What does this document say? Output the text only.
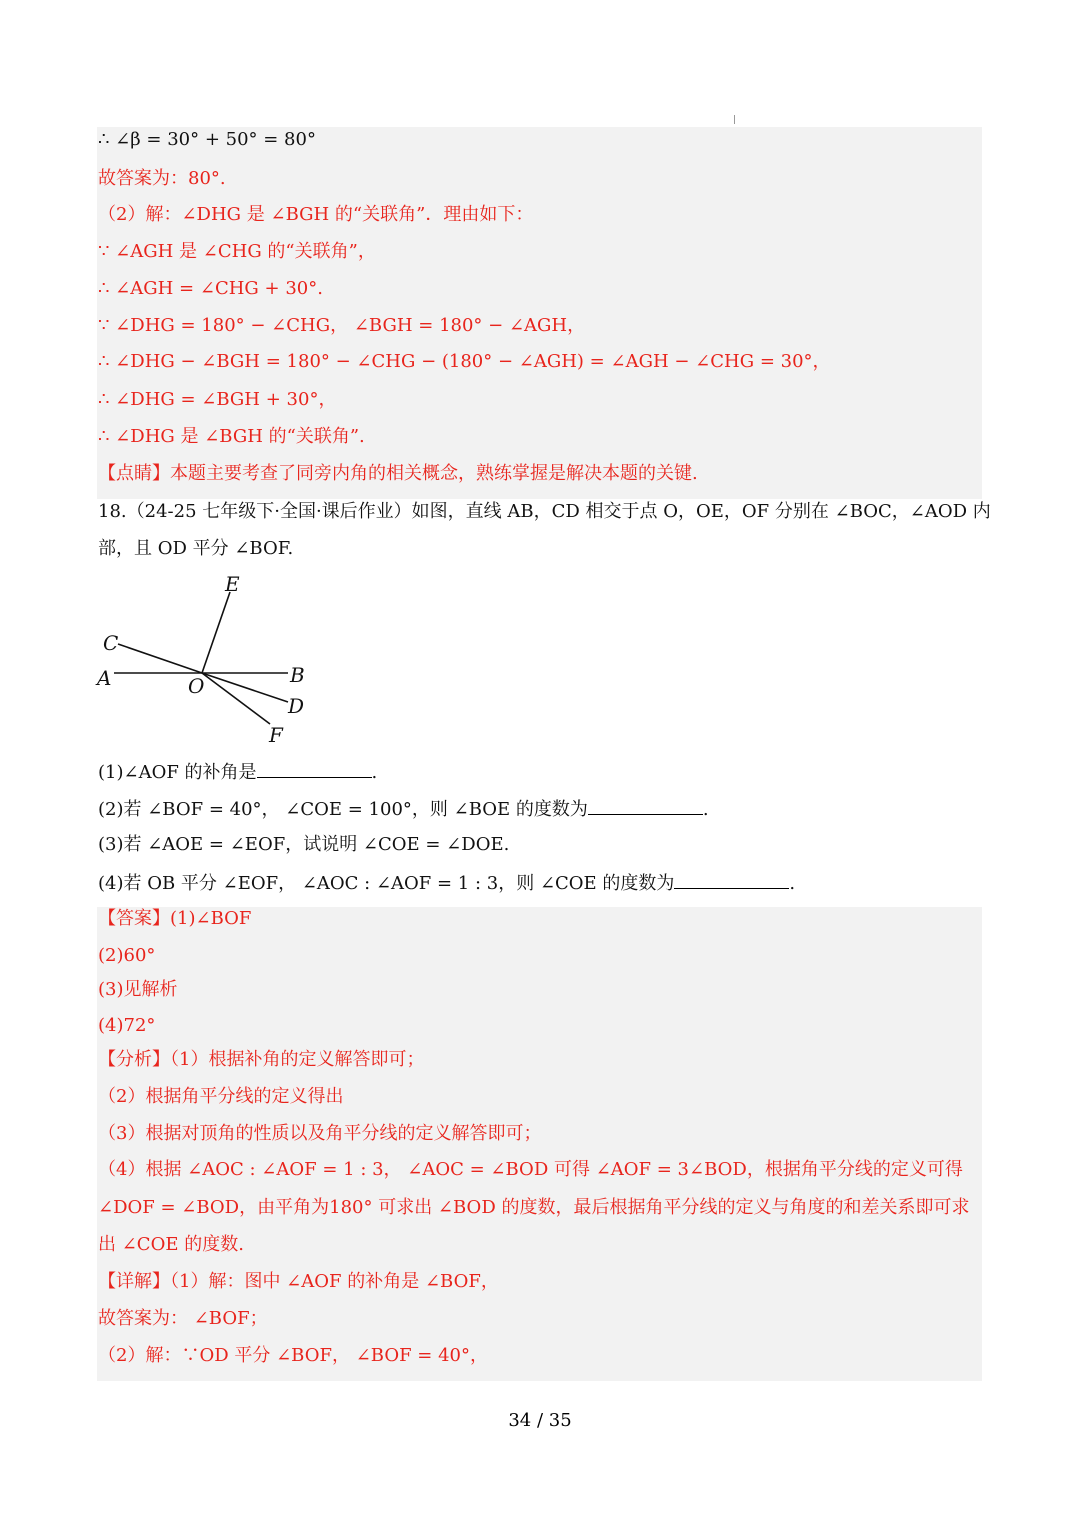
∴ ∠β = 30° + 50° = 80°
故答案为：80°.
（2）解：∠DHG 是 ∠BGH 的“关联角”．理由如下：
∵ ∠AGH 是 ∠CHG 的“关联角”，
∴ ∠AGH = ∠CHG + 30°.
∵ ∠DHG = 180° − ∠CHG， ∠BGH = 180° − ∠AGH，
∴ ∠DHG − ∠BGH = 180° − ∠CHG − (180° − ∠AGH) = ∠AGH − ∠CHG = 30°，
∴ ∠DHG = ∠BGH + 30°，
∴ ∠DHG 是 ∠BGH 的“关联角”.
【点睛】本题主要考查了同旁内角的相关概念，熟练掌握是解决本题的关键.
18.（24-25 七年级下·全国·课后作业）如图，直线 AB，CD 相交于点 O，OE，OF 分别在 ∠BOC，∠AOD 内
部，且 OD 平分 ∠BOF.
E
C
A	O	B
D
F
(1)∠AOF 的补角是	.
(2)若 ∠BOF = 40°， ∠COE = 100°，则 ∠BOE 的度数为	.
(3)若 ∠AOE = ∠EOF，试说明 ∠COE = ∠DOE.
(4)若 OB 平分 ∠EOF， ∠AOC : ∠AOF = 1 : 3，则 ∠COE 的度数为	.
【答案】(1)∠BOF
(2)60°
(3)见解析
(4)72°
【分析】（1）根据补角的定义解答即可；
（2）根据角平分线的定义得出
（3）根据对顶角的性质以及角平分线的定义解答即可；
（4）根据 ∠AOC : ∠AOF = 1 : 3， ∠AOC = ∠BOD 可得 ∠AOF = 3∠BOD，根据角平分线的定义可得
∠DOF = ∠BOD，由平角为180° 可求出 ∠BOD 的度数，最后根据角平分线的定义与角度的和差关系即可求
出 ∠COE 的度数.
【详解】（1）解：图中 ∠AOF 的补角是 ∠BOF，
故答案为： ∠BOF；
（2）解：∵OD 平分 ∠BOF， ∠BOF = 40°，
34 / 35
